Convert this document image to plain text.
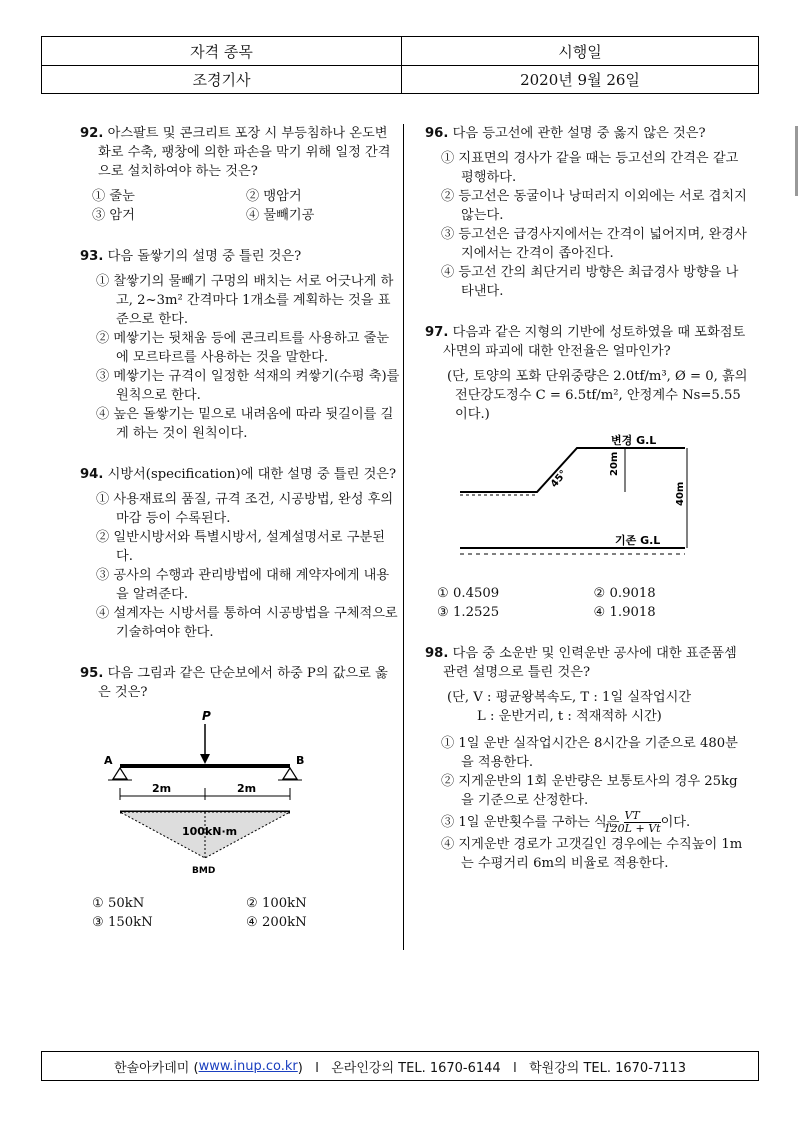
자격 종목	시행일
조경기사	2020년 9월 26일

92. 아스팔트 및 콘크리트 포장 시 부등침하나 온도변화로 수축, 팽창에 의한 파손을 막기 위해 일정 간격으로 설치하여야 하는 것은?

① 줄눈	② 맹암거
③ 암거	④ 물빼기공

93. 다음 돌쌓기의 설명 중 틀린 것은?

① 찰쌓기의 물빼기 구멍의 배치는 서로 어긋나게 하고, 2~3m² 간격마다 1개소를 계획하는 것을 표준으로 한다.

② 메쌓기는 뒷채움 등에 콘크리트를 사용하고 줄눈에 모르타르를 사용하는 것을 말한다.

③ 메쌓기는 규격이 일정한 석재의 켜쌓기(수평 축)를 원칙으로 한다.

④ 높은 돌쌓기는 밑으로 내려옴에 따라 뒷길이를 길게 하는 것이 원칙이다.

94. 시방서(specification)에 대한 설명 중 틀린 것은?

① 사용재료의 품질, 규격 조건, 시공방법, 완성 후의 마감 등이 수록된다.

② 일반시방서와 특별시방서, 설계설명서로 구분된다.

③ 공사의 수행과 관리방법에 대해 계약자에게 내용을 알려준다.

④ 설계자는 시방서를 통하여 시공방법을 구체적으로 기술하여야 한다.

95. 다음 그림과 같은 단순보에서 하중 P의 값으로 옳은 것은?

P
A	B
2m	2m
100kN·m
BMD
① 50kN	② 100kN
③ 150kN	④ 200kN

96. 다음 등고선에 관한 설명 중 옳지 않은 것은?

① 지표면의 경사가 같을 때는 등고선의 간격은 같고 평행하다.

② 등고선은 동굴이나 낭떠러지 이외에는 서로 겹치지 않는다.

③ 등고선은 급경사지에서는 간격이 넓어지며, 완경사지에서는 간격이 좁아진다.

④ 등고선 간의 최단거리 방향은 최급경사 방향을 나타낸다.

97. 다음과 같은 지형의 기반에 성토하였을 때 포화점토사면의 파괴에 대한 안전율은 얼마인가?

(단, 토양의 포화 단위중량은 2.0tf/m³, Ø = 0, 흙의 전단강도정수 C = 6.5tf/m², 안정계수 Ns=5.55이다.)

변경 G.L
20m
40m
45°
기존 G.L
① 0.4509	② 0.9018
③ 1.2525	④ 1.9018

98. 다음 중 소운반 및 인력운반 공사에 대한 표준품셈 관련 설명으로 틀린 것은?

(단, V : 평균왕복속도, T : 1일 실작업시간

L : 운반거리, t : 적재적하 시간)

① 1일 운반 실작업시간은 8시간을 기준으로 480분을 적용한다.

② 지게운반의 1회 운반량은 보통토사의 경우 25kg을 기준으로 산정한다.

③ 1일 운반횟수를 구하는 식은 $\frac{VT}{120L + Vt}$ 이다.

④ 지게운반 경로가 고갯길인 경우에는 수직높이 1m는 수평거리 6m의 비율로 적용한다.

한솔아카데미 ( www.inup.co.kr )   l   온라인강의 TEL. 1670-6144   l   학원강의 TEL. 1670-7113
